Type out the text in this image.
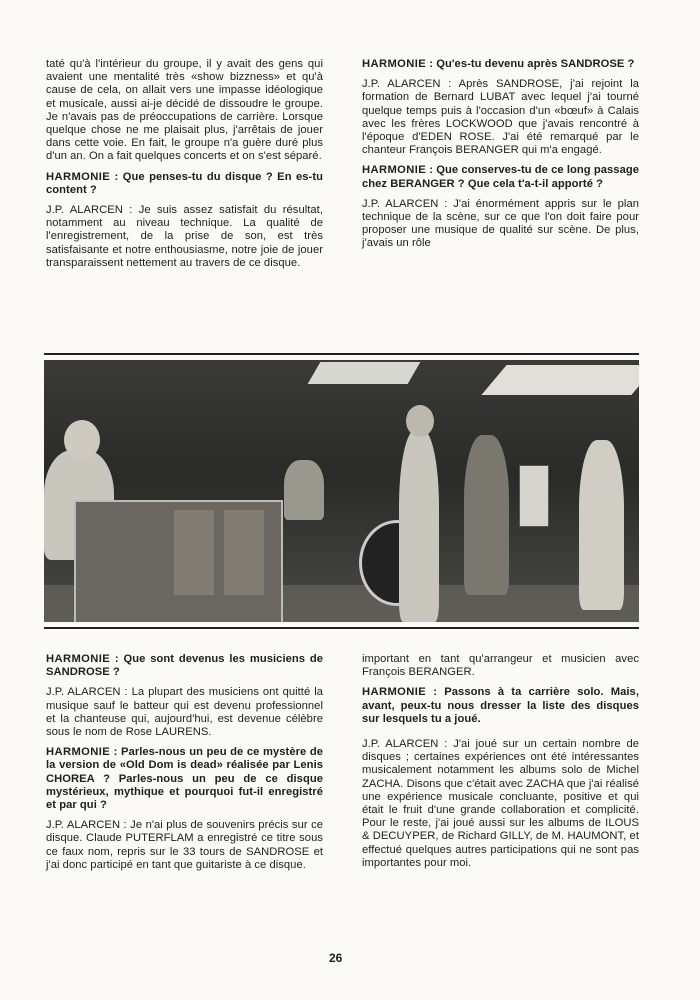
taté qu'à l'intérieur du groupe, il y avait des gens qui avaient une mentalité très «show bizzness» et qu'à cause de cela, on allait vers une impasse idéologique et musicale, aussi ai-je décidé de dissoudre le groupe. Je n'avais pas de préoccupations de carrière. Lorsque quelque chose ne me plaisait plus, j'arrêtais de jouer dans cette voie. En fait, le groupe n'a guère duré plus d'un an. On a fait quelques concerts et on s'est séparé.

HARMONIE : Que penses-tu du disque ? En es-tu content ?

J.P. ALARCEN : Je suis assez satisfait du résultat, notamment au niveau technique. La qualité de l'enregistrement, de la prise de son, est très satisfaisante et notre enthousiasme, notre joie de jouer transparaissent nettement au travers de ce disque.

HARMONIE : Qu'es-tu devenu après SANDROSE ?

J.P. ALARCEN : Après SANDROSE, j'ai rejoint la formation de Bernard LUBAT avec lequel j'ai tourné quelque temps puis à l'occasion d'un «bœuf» à Calais avec les frères LOCKWOOD que j'avais rencontré à l'époque d'EDEN ROSE. J'ai été remarqué par le chanteur François BERANGER qui m'a engagé.

HARMONIE : Que conserves-tu de ce long passage chez BERANGER ? Que cela t'a-t-il apporté ?

J.P. ALARCEN : J'ai énormément appris sur le plan technique de la scène, sur ce que l'on doit faire pour proposer une musique de qualité sur scène. De plus, j'avais un rôle

HARMONIE : Que sont devenus les musiciens de SANDROSE ?

J.P. ALARCEN : La plupart des musiciens ont quitté la musique sauf le batteur qui est devenu professionnel et la chanteuse qui, aujourd'hui, est devenue célèbre sous le nom de Rose LAURENS.

HARMONIE : Parles-nous un peu de ce mystère de la version de «Old Dom is dead» réalisée par Lenis CHOREA ? Parles-nous un peu de ce disque mystérieux, mythique et pourquoi fut-il enregistré et par qui ?

J.P. ALARCEN : Je n'ai plus de souvenirs précis sur ce disque. Claude PUTERFLAM a enregistré ce titre sous ce faux nom, repris sur le 33 tours de SANDROSE et j'ai donc participé en tant que guitariste à ce disque.

important en tant qu'arrangeur et musicien avec François BERANGER.

HARMONIE : Passons à ta carrière solo. Mais, avant, peux-tu nous dresser la liste des disques sur lesquels tu a joué.

J.P. ALARCEN : J'ai joué sur un certain nombre de disques ; certaines expériences ont été intéressantes musicalement notamment les albums solo de Michel ZACHA. Disons que c'était avec ZACHA que j'ai réalisé une expérience musicale concluante, positive et qui était le fruit d'une grande collaboration et complicité. Pour le reste, j'ai joué aussi sur les albums de ILOUS & DECUYPER, de Richard GILLY, de M. HAUMONT, et effectué quelques autres participations qui ne sont pas importantes pour moi.

26
